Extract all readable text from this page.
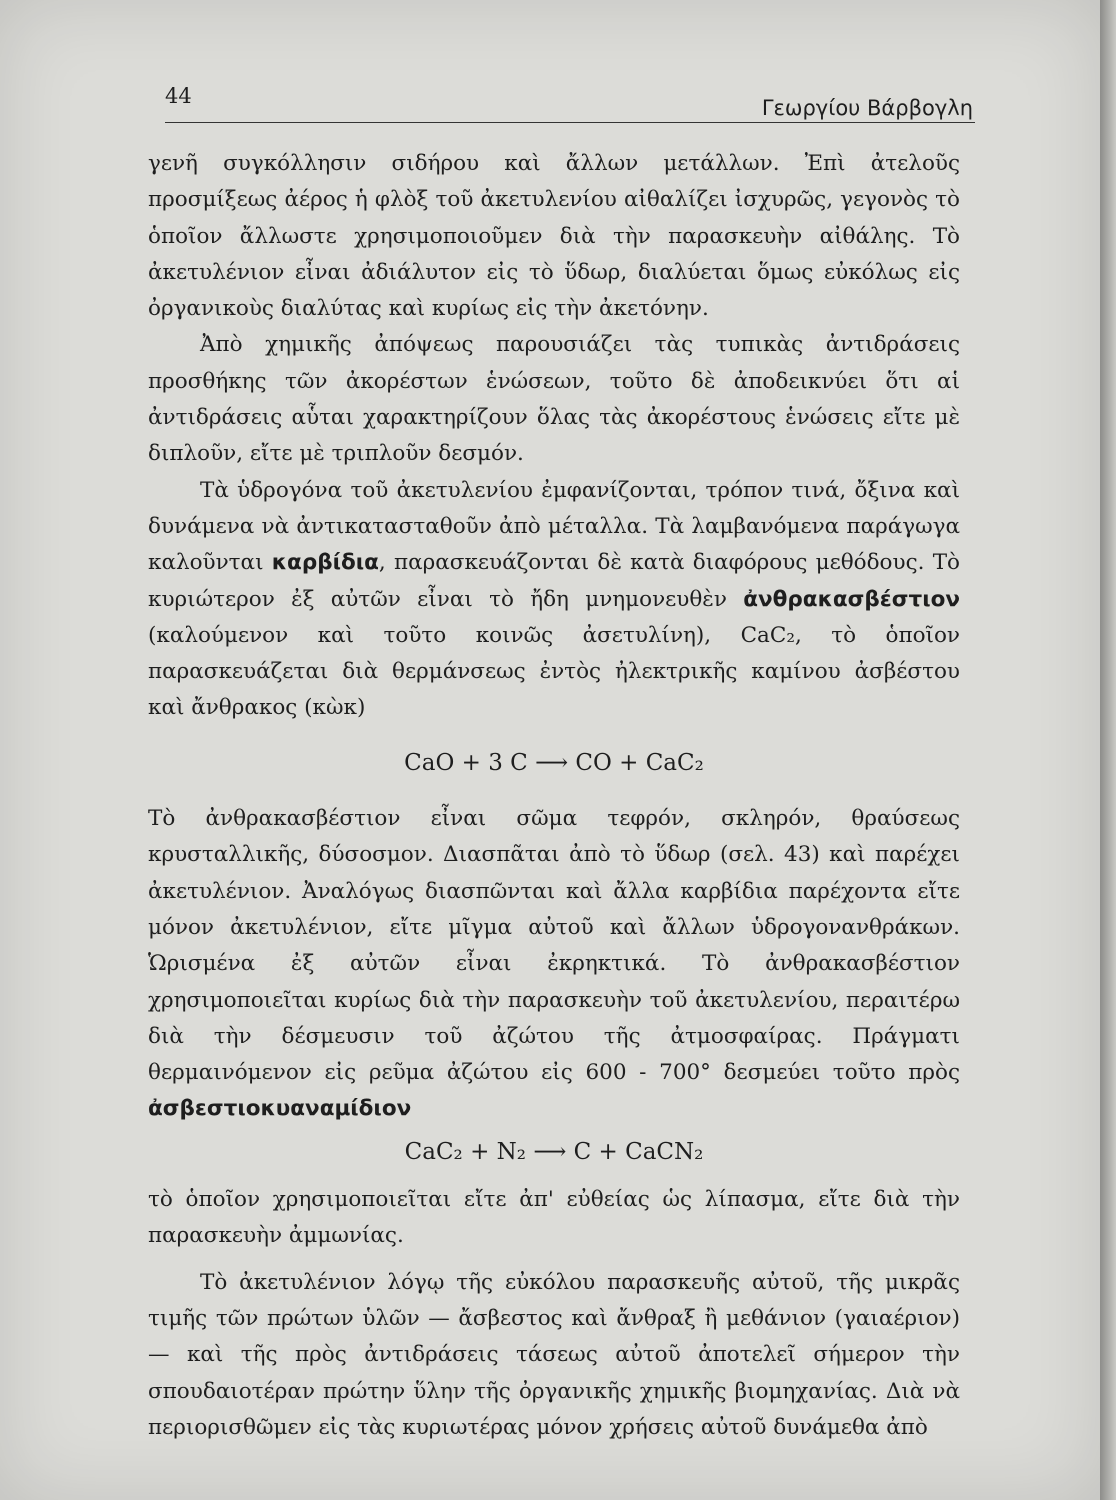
44	Γεωργίου Βάρβογλη

γενῆ συγκόλλησιν σιδήρου καὶ ἄλλων μετάλλων. Ἐπὶ ἀτελοῦς προσμίξεως ἀέρος ἡ φλὸξ τοῦ ἀκετυλενίου αἰθαλίζει ἰσχυρῶς, γεγονὸς τὸ ὁποῖον ἄλλωστε χρησιμοποιοῦμεν διὰ τὴν παρασκευὴν αἰθάλης. Τὸ ἀκετυλένιον εἶναι ἀδιάλυτον εἰς τὸ ὕδωρ, διαλύεται ὅμως εὐκόλως εἰς ὀργανικοὺς διαλύτας καὶ κυρίως εἰς τὴν ἀκετόνην.

Ἀπὸ χημικῆς ἀπόψεως παρουσιάζει τὰς τυπικὰς ἀντιδράσεις προσθήκης τῶν ἀκορέστων ἑνώσεων, τοῦτο δὲ ἀποδεικνύει ὅτι αἱ ἀντιδράσεις αὗται χαρακτηρίζουν ὅλας τὰς ἀκορέστους ἑνώσεις εἴτε μὲ διπλοῦν, εἴτε μὲ τριπλοῦν δεσμόν.

Τὰ ὑδρογόνα τοῦ ἀκετυλενίου ἐμφανίζονται, τρόπον τινά, ὄξινα καὶ δυνάμενα νὰ ἀντικατασταθοῦν ἀπὸ μέταλλα. Τὰ λαμβανόμενα παράγωγα καλοῦνται καρβίδια, παρασκευάζονται δὲ κατὰ διαφόρους μεθόδους. Τὸ κυριώτερον ἐξ αὐτῶν εἶναι τὸ ἤδη μνημονευθὲν ἀνθρακασβέστιον (καλούμενον καὶ τοῦτο κοινῶς ἀσετυλίνη), CaC₂, τὸ ὁποῖον παρασκευάζεται διὰ θερμάνσεως ἐντὸς ἠλεκτρικῆς καμίνου ἀσβέστου καὶ ἄνθρακος (κὼκ)

CaO + 3 C ⟶ CO + CaC₂

Τὸ ἀνθρακασβέστιον εἶναι σῶμα τεφρόν, σκληρόν, θραύσεως κρυσταλλικῆς, δύσοσμον. Διασπᾶται ἀπὸ τὸ ὕδωρ (σελ. 43) καὶ παρέχει ἀκετυλένιον. Ἀναλόγως διασπῶνται καὶ ἄλλα καρβίδια παρέχοντα εἴτε μόνον ἀκετυλένιον, εἴτε μῖγμα αὐτοῦ καὶ ἄλλων ὑδρογονανθράκων. Ὡρισμένα ἐξ αὐτῶν εἶναι ἐκρηκτικά. Τὸ ἀνθρακασβέστιον χρησιμοποιεῖται κυρίως διὰ τὴν παρασκευὴν τοῦ ἀκετυλενίου, περαιτέρω διὰ τὴν δέσμευσιν τοῦ ἀζώτου τῆς ἀτμοσφαίρας. Πράγματι θερμαινόμενον εἰς ρεῦμα ἀζώτου εἰς 600 - 700° δεσμεύει τοῦτο πρὸς ἀσβεστιοκυαναμίδιον

CaC₂ + N₂ ⟶ C + CaCN₂

τὸ ὁποῖον χρησιμοποιεῖται εἴτε ἀπ' εὐθείας ὡς λίπασμα, εἴτε διὰ τὴν παρασκευὴν ἀμμωνίας.

Τὸ ἀκετυλένιον λόγῳ τῆς εὐκόλου παρασκευῆς αὐτοῦ, τῆς μικρᾶς τιμῆς τῶν πρώτων ὑλῶν — ἄσβεστος καὶ ἄνθραξ ἢ μεθάνιον (γαιαέριον) — καὶ τῆς πρὸς ἀντιδράσεις τάσεως αὐτοῦ ἀποτελεῖ σήμερον τὴν σπουδαιοτέραν πρώτην ὕλην τῆς ὀργανικῆς χημικῆς βιομηχανίας. Διὰ νὰ περιορισθῶμεν εἰς τὰς κυριωτέρας μόνον χρήσεις αὐτοῦ δυνάμεθα ἀπὸ
